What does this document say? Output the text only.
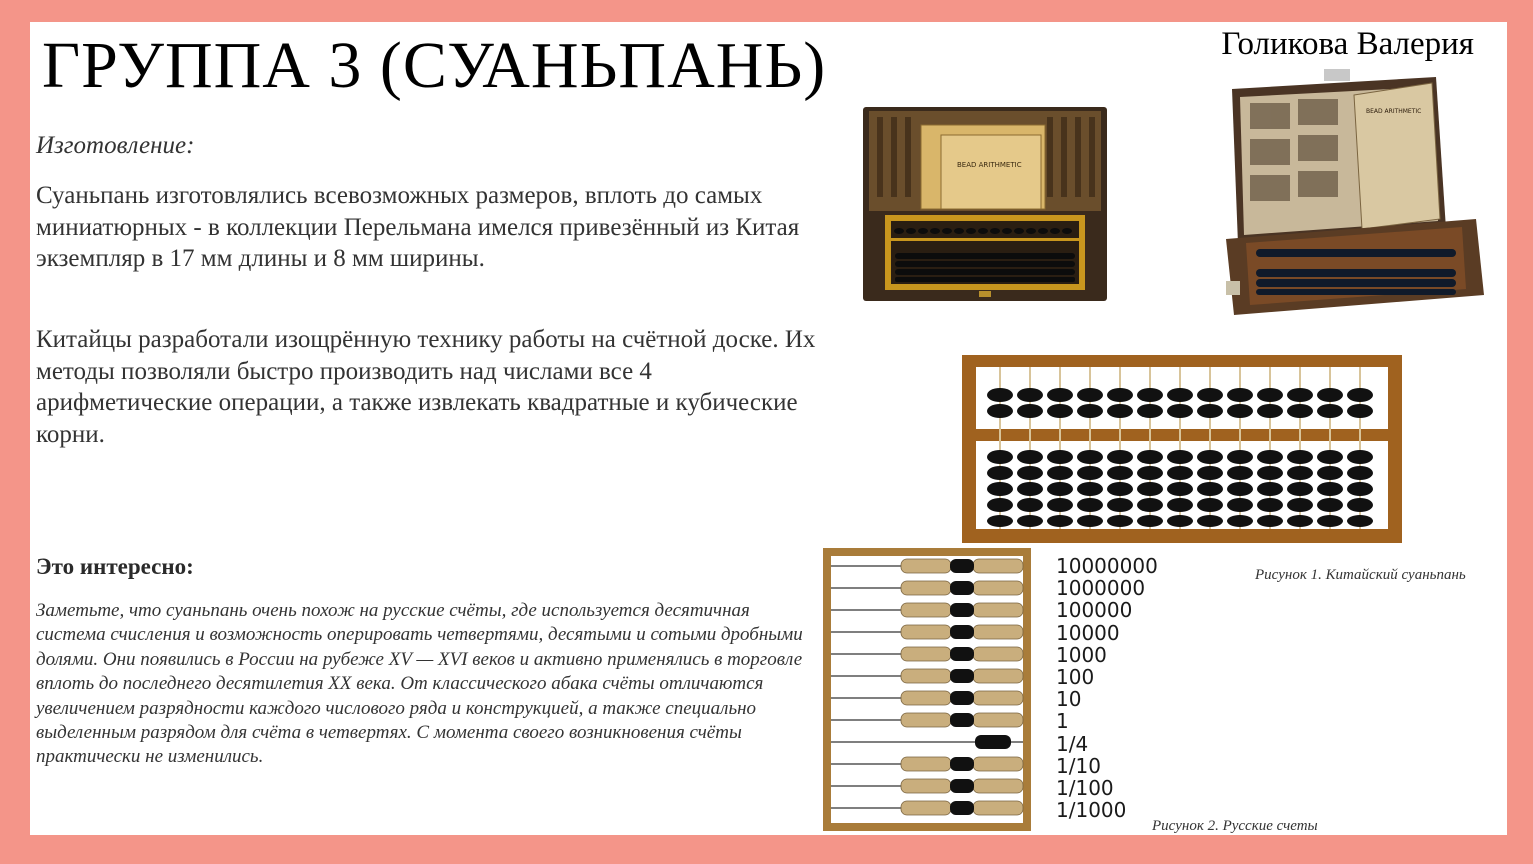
ГРУППА 3 (СУАНЬПАНЬ)	Голикова Валерия
Изготовление:
Суаньпань изготовлялись всевозможных размеров, вплоть до самых миниатюрных - в коллекции Перельмана имелся привезённый из Китая экземпляр в 17 мм длины и 8 мм ширины.
Китайцы разработали изощрённую технику работы на счётной доске. Их методы позволяли быстро производить над числами все 4 арифметические операции, а также извлекать квадратные и кубические корни.
Это интересно:
Заметьте, что суаньпань очень похож на русские счёты, где используется десятичная система счисления и возможность оперировать четвертями, десятыми и сотыми дробными долями. Они появились в России на рубеже XV — XVI веков и активно применялись в торговле вплоть до последнего десятилетия XX века. От классического абака счёты отличаются увеличением разрядности каждого числового ряда и конструкцией, а также специально выделенным разрядом для счёта в четвертях. С момента своего возникновения счёты практически не изменились.
BEAD ARITHMETIC
BEAD ARITHMETIC
10000000
1000000
100000
10000
1000
100
10
1
1/4
1/10
1/100
1/1000
Рисунок 1. Китайский суаньпань
Рисунок 2. Русские счеты
